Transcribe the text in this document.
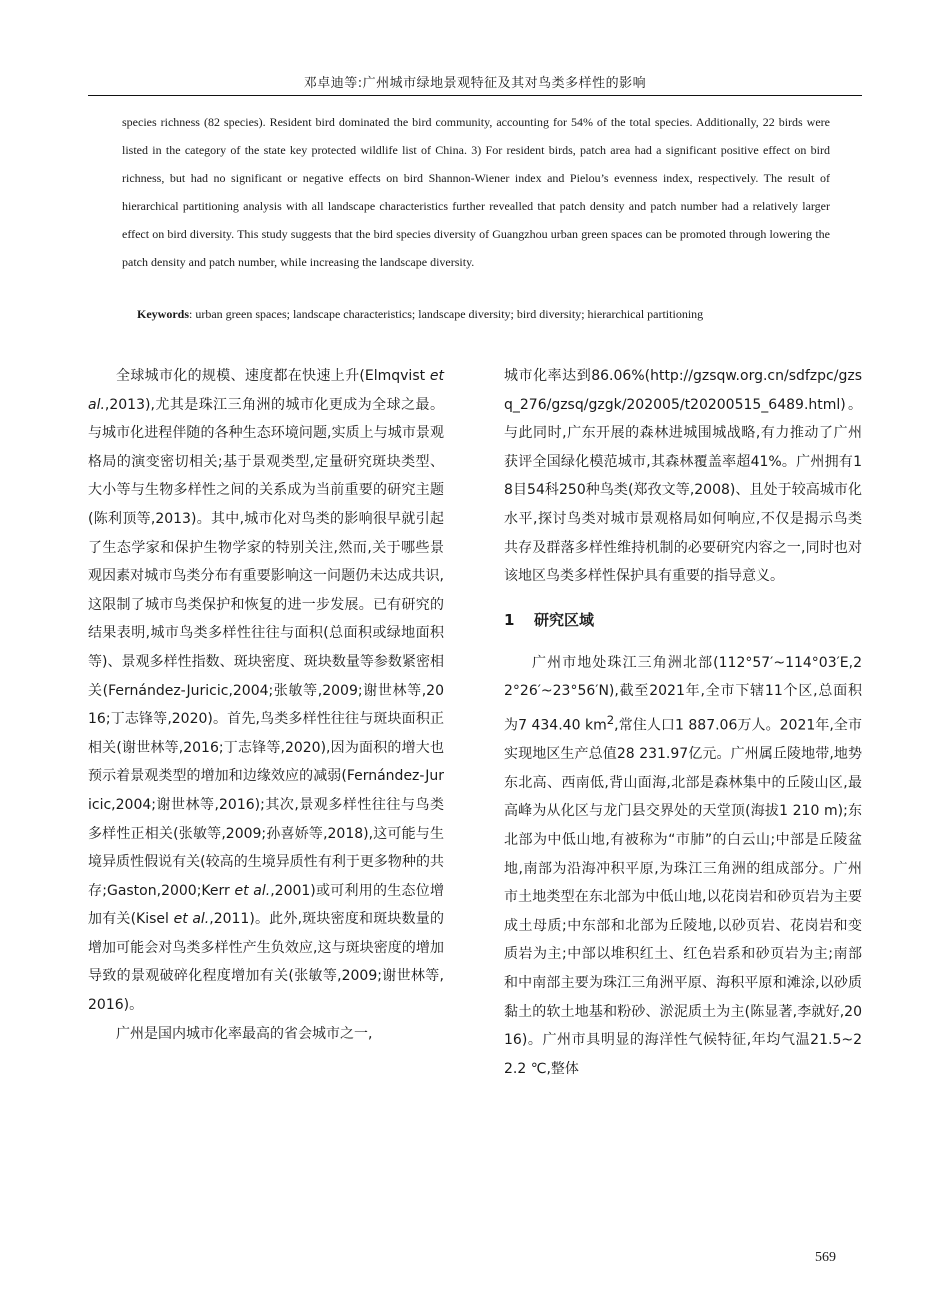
邓卓迪等:广州城市绿地景观特征及其对鸟类多样性的影响
species richness (82 species). Resident bird dominated the bird community, accounting for 54% of the total species. Additionally, 22 birds were listed in the category of the state key protected wildlife list of China. 3) For resident birds, patch area had a significant positive effect on bird richness, but had no significant or negative effects on bird Shannon-Wiener index and Pielou’s evenness index, respectively. The result of hierarchical partitioning analysis with all landscape characteristics further revealled that patch density and patch number had a relatively larger effect on bird diversity. This study suggests that the bird species diversity of Guangzhou urban green spaces can be promoted through lowering the patch density and patch number, while increasing the landscape diversity.
Keywords: urban green spaces; landscape characteristics; landscape diversity; bird diversity; hierarchical partitioning

全球城市化的规模、速度都在快速上升(Elmqvist et al.,2013),尤其是珠江三角洲的城市化更成为全球之最。与城市化进程伴随的各种生态环境问题,实质上与城市景观格局的演变密切相关;基于景观类型,定量研究斑块类型、大小等与生物多样性之间的关系成为当前重要的研究主题(陈利顶等,2013)。其中,城市化对鸟类的影响很早就引起了生态学家和保护生物学家的特别关注,然而,关于哪些景观因素对城市鸟类分布有重要影响这一问题仍未达成共识,这限制了城市鸟类保护和恢复的进一步发展。已有研究的结果表明,城市鸟类多样性往往与面积(总面积或绿地面积等)、景观多样性指数、斑块密度、斑块数量等参数紧密相关(Fernández-Juricic,2004;张敏等,2009;谢世林等,2016;丁志锋等,2020)。首先,鸟类多样性往往与斑块面积正相关(谢世林等,2016;丁志锋等,2020),因为面积的增大也预示着景观类型的增加和边缘效应的减弱(Fernández-Juricic,2004;谢世林等,2016);其次,景观多样性往往与鸟类多样性正相关(张敏等,2009;孙喜娇等,2018),这可能与生境异质性假说有关(较高的生境异质性有利于更多物种的共存;Gaston,2000;Kerr et al.,2001)或可利用的生态位增加有关(Kisel et al.,2011)。此外,斑块密度和斑块数量的增加可能会对鸟类多样性产生负效应,这与斑块密度的增加导致的景观破碎化程度增加有关(张敏等,2009;谢世林等,2016)。

广州是国内城市化率最高的省会城市之一,

城市化率达到86.06%(http://gzsqw.org.cn/sdfzpc/gzsq_276/gzsq/gzgk/202005/t20200515_6489.html)。与此同时,广东开展的森林进城围城战略,有力推动了广州获评全国绿化模范城市,其森林覆盖率超41%。广州拥有18目54科250种鸟类(郑孜文等,2008)、且处于较高城市化水平,探讨鸟类对城市景观格局如何响应,不仅是揭示鸟类共存及群落多样性维持机制的必要研究内容之一,同时也对该地区鸟类多样性保护具有重要的指导意义。

1 研究区域

广州市地处珠江三角洲北部(112°57′~114°03′E,22°26′~23°56′N),截至2021年,全市下辖11个区,总面积为7 434.40 $km^2$,常住人口1 887.06万人。2021年,全市实现地区生产总值28 231.97亿元。广州属丘陵地带,地势东北高、西南低,背山面海,北部是森林集中的丘陵山区,最高峰为从化区与龙门县交界处的天堂顶(海拔1 210 m);东北部为中低山地,有被称为“市肺”的白云山;中部是丘陵盆地,南部为沿海冲积平原,为珠江三角洲的组成部分。广州市土地类型在东北部为中低山地,以花岗岩和砂页岩为主要成土母质;中东部和北部为丘陵地,以砂页岩、花岗岩和变质岩为主;中部以堆积红土、红色岩系和砂页岩为主;南部和中南部主要为珠江三角洲平原、海积平原和滩涂,以砂质黏土的软土地基和粉砂、淤泥质土为主(陈显著,李就好,2016)。广州市具明显的海洋性气候特征,年均气温21.5~22.2 ℃,整体

569
